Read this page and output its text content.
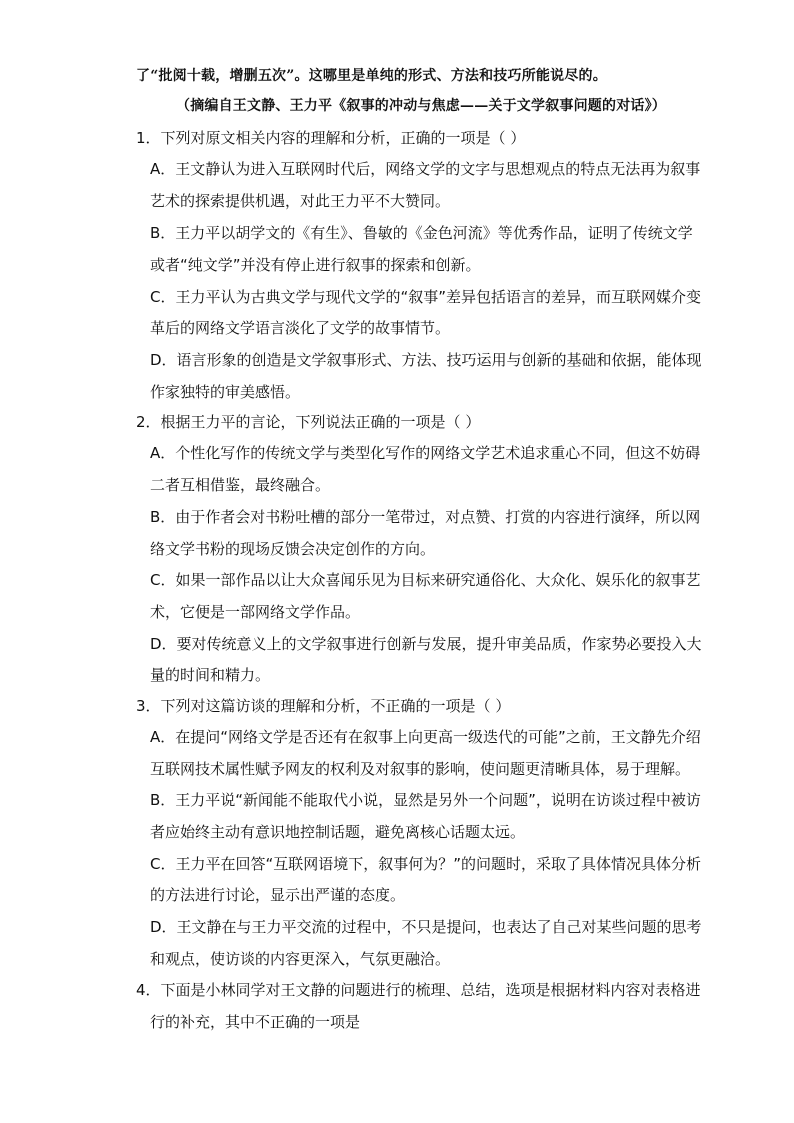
了“批阅十载，增删五次”。这哪里是单纯的形式、方法和技巧所能说尽的。
（摘编自王文静、王力平《叙事的冲动与焦虑——关于文学叙事问题的对话》）
1．下列对原文相关内容的理解和分析，正确的一项是（ ）
A．王文静认为进入互联网时代后，网络文学的文字与思想观点的特点无法再为叙事
艺术的探索提供机遇，对此王力平不大赞同。
B．王力平以胡学文的《有生》、鲁敏的《金色河流》等优秀作品，证明了传统文学
或者“纯文学”并没有停止进行叙事的探索和创新。
C．王力平认为古典文学与现代文学的“叙事”差异包括语言的差异，而互联网媒介变
革后的网络文学语言淡化了文学的故事情节。
D．语言形象的创造是文学叙事形式、方法、技巧运用与创新的基础和依据，能体现
作家独特的审美感悟。
2．根据王力平的言论，下列说法正确的一项是（ ）
A．个性化写作的传统文学与类型化写作的网络文学艺术追求重心不同，但这不妨碍
二者互相借鉴，最终融合。
B．由于作者会对书粉吐槽的部分一笔带过，对点赞、打赏的内容进行演绎，所以网
络文学书粉的现场反馈会决定创作的方向。
C．如果一部作品以让大众喜闻乐见为目标来研究通俗化、大众化、娱乐化的叙事艺
术，它便是一部网络文学作品。
D．要对传统意义上的文学叙事进行创新与发展，提升审美品质，作家势必要投入大
量的时间和精力。
3．下列对这篇访谈的理解和分析，不正确的一项是（ ）
A．在提问“网络文学是否还有在叙事上向更高一级迭代的可能”之前，王文静先介绍
互联网技术属性赋予网友的权利及对叙事的影响，使问题更清晰具体，易于理解。
B．王力平说“新闻能不能取代小说，显然是另外一个问题”，说明在访谈过程中被访
者应始终主动有意识地控制话题，避免离核心话题太远。
C．王力平在回答“互联网语境下，叙事何为？”的问题时，采取了具体情况具体分析
的方法进行讨论，显示出严谨的态度。
D．王文静在与王力平交流的过程中，不只是提问，也表达了自己对某些问题的思考
和观点，使访谈的内容更深入，气氛更融洽。
4．下面是小林同学对王文静的问题进行的梳理、总结，选项是根据材料内容对表格进
行的补充，其中不正确的一项是
